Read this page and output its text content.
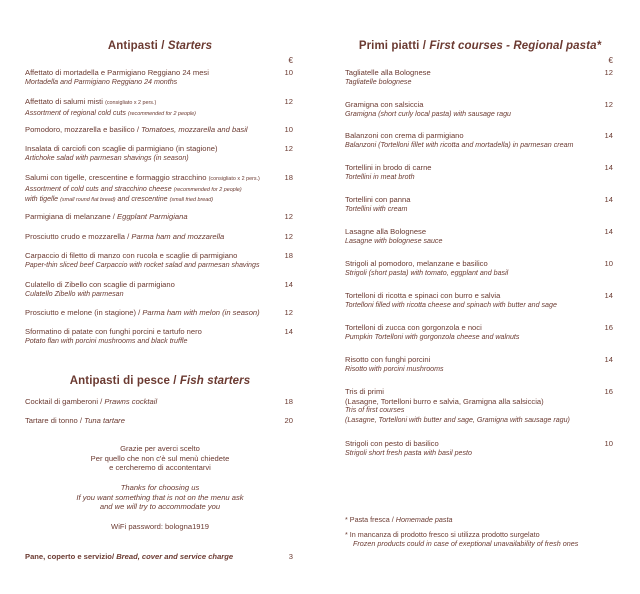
Antipasti / Starters
€
Affettato di mortadella e Parmigiano Reggiano 24 mesi
Mortadella and Parmigiano Reggiano 24 months
10
Affettato di salumi misti (consigliato x 2 pers.)
Assortment of regional cold cuts (recommended for 2 people)
12
Pomodoro, mozzarella e basilico / Tomatoes, mozzarella and basil	10
Insalata di carciofi con scaglie di parmigiano (in stagione)
Artichoke salad with parmesan shavings (in season)
12
Salumi con tigelle, crescentine e formaggio stracchino (consigliato x 2 pers.)
Assortment of cold cuts and stracchino cheese (recommended for 2 people)
with tigelle (small round flat bread) and crescentine (small fried bread)
18
Parmigiana di melanzane / Eggplant Parmigiana	12
Prosciutto crudo e mozzarella / Parma ham and mozzarella	12
Carpaccio di filetto di manzo con rucola e scaglie di parmigiano
Paper-thin sliced beef Carpaccio with rocket salad and parmesan shavings
18
Culatello di Zibello con scaglie di parmigiano
Culatello Zibello with parmesan
14
Prosciutto e melone (in stagione) / Parma ham with melon (in season)	12
Sformatino di patate con funghi porcini e tartufo nero
Potato flan with porcini mushrooms and black truffle
14
Antipasti di pesce / Fish starters
Cocktail di gamberoni / Prawns cocktail	18
Tartare di tonno / Tuna tartare	20
Grazie per averci scelto
Per quello che non c'è sul menù chiedete
e cercheremo di accontentarvi
Thanks for choosing us
If you want something that is not on the menu ask
and we will try to accommodate you
WiFi password: bologna1919
Pane, coperto e servizio/ Bread, cover and service charge	3
Primi piatti / First courses - Regional pasta*
€
Tagliatelle alla Bolognese
Tagliatelle bolognese
12
Gramigna con salsiccia
Gramigna (short curly local pasta) with sausage ragu
12
Balanzoni con crema di parmigiano
Balanzoni (Tortelloni fillet with ricotta and mortadella) in parmesan cream
14
Tortellini in brodo di carne
Tortellini in meat broth
14
Tortellini con panna
Tortellini with cream
14
Lasagne alla Bolognese
Lasagne with bolognese sauce
14
Strigoli al pomodoro, melanzane e basilico
Strigoli (short pasta) with tomato, eggplant and basil
10
Tortelloni di ricotta e spinaci con burro e salvia
Tortelloni filled with ricotta cheese and spinach with butter and sage
14
Tortelloni di zucca con gorgonzola e noci
Pumpkin Tortelloni with gorgonzola cheese and walnuts
16
Risotto con funghi porcini
Risotto with porcini mushrooms
14
Tris di primi
(Lasagne, Tortelloni burro e salvia, Gramigna alla salsiccia)
Tris of first courses
(Lasagne, Tortelloni with butter and sage, Gramigna with sausage ragu)
16
Strigoli con pesto di basilico
Strigoli short fresh pasta with basil pesto
10
* Pasta fresca / Homemade pasta
* In mancanza di prodotto fresco si utilizza prodotto surgelato
Frozen products could in case of exeptional unavailability of fresh ones
